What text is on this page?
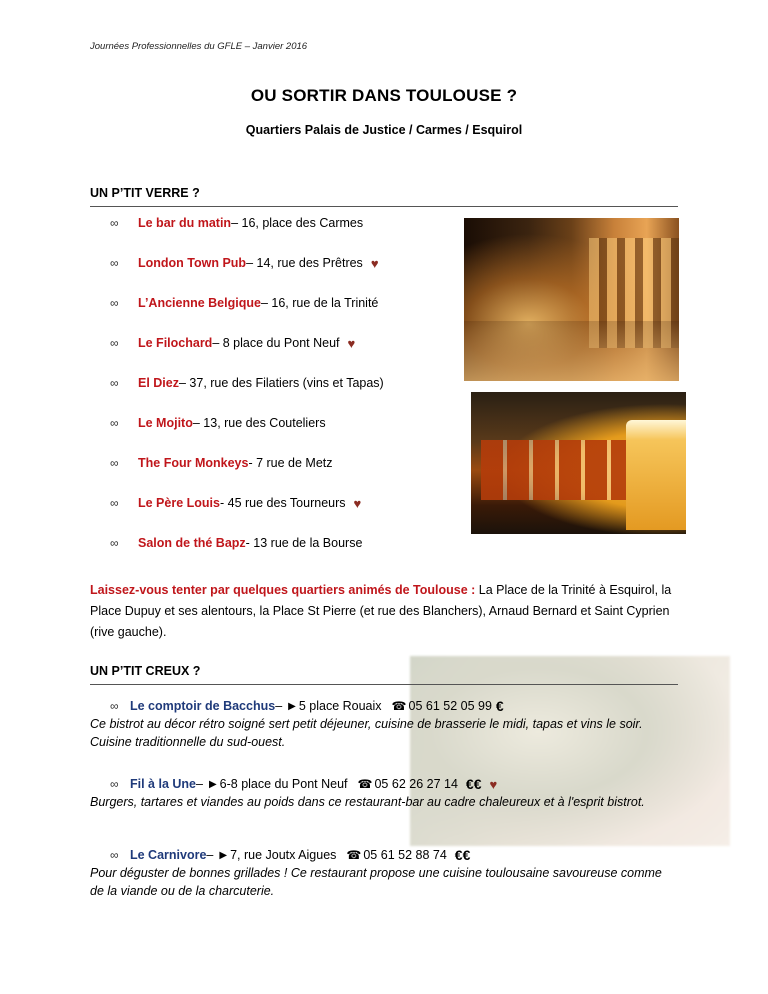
Journées Professionnelles du GFLE – Janvier 2016
OU SORTIR DANS TOULOUSE ?
Quartiers Palais de Justice / Carmes / Esquirol
UN P’TIT VERRE ?
∞	Le bar du matin – 16, place des Carmes
∞	London Town Pub – 14, rue des Prêtres ♥
∞	L’Ancienne Belgique – 16, rue de la Trinité
∞	Le Filochard – 8 place du Pont Neuf ♥
∞	El Diez – 37, rue des Filatiers (vins et Tapas)
∞	Le Mojito – 13, rue des Couteliers
∞	The Four Monkeys - 7 rue de Metz
∞	Le Père Louis - 45 rue des Tourneurs ♥
∞	Salon de thé Bapz - 13 rue de la Bourse
Laissez-vous tenter par quelques quartiers animés de Toulouse : La Place de la Trinité à Esquirol, la Place Dupuy et ses alentours, la Place St Pierre (et rue des Blanchers), Arnaud Bernard et Saint Cyprien (rive gauche).
UN P’TIT CREUX ?
∞ Le comptoir de Bacchus – ▶ 5 place Rouaix ☎ 05 61 52 05 99 €
Ce bistrot au décor rétro soigné sert petit déjeuner, cuisine de brasserie le midi, tapas et vins le soir. Cuisine traditionnelle du sud-ouest.
∞ Fil à la Une – ▶ 6-8 place du Pont Neuf ☎ 05 62 26 27 14 €€ ♥
Burgers, tartares et viandes au poids dans ce restaurant-bar au cadre chaleureux et à l'esprit bistrot.
∞ Le Carnivore – ▶ 7, rue Joutx Aigues ☎ 05 61 52 88 74 €€
Pour déguster de bonnes grillades ! Ce restaurant propose une cuisine toulousaine savoureuse comme de la viande ou de la charcuterie.
